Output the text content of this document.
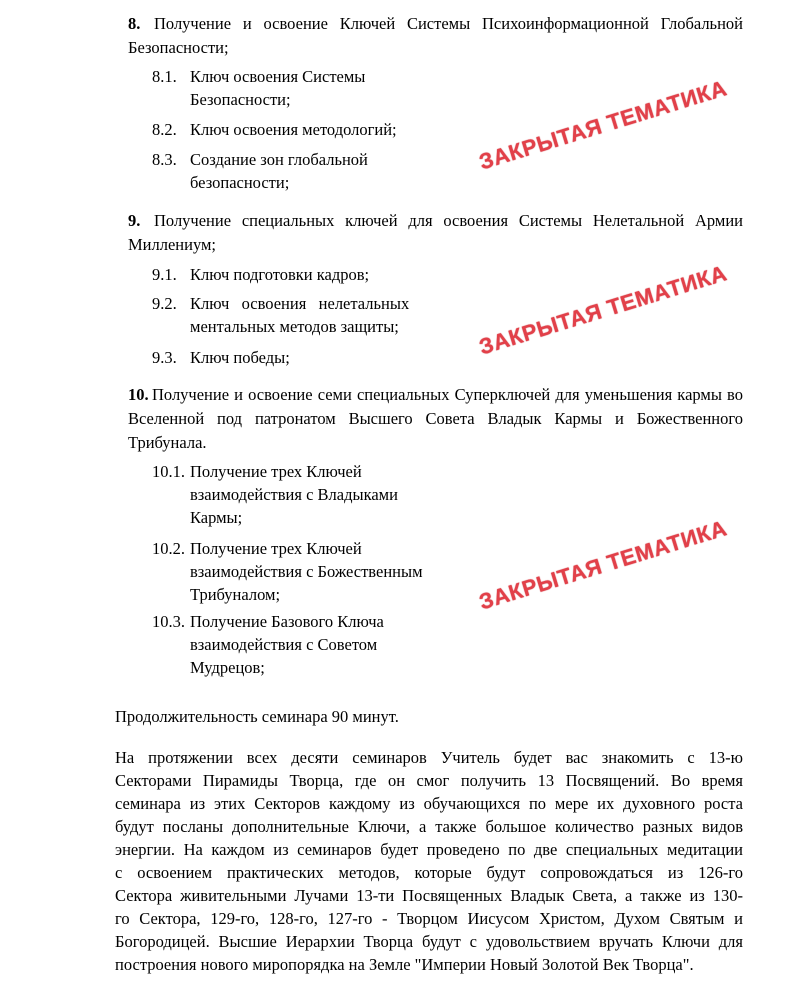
8. Получение и освоение Ключей Системы Психоинформационной Глобальной Безопасности;
8.1. Ключ освоения Системы
Безопасности;
8.2. Ключ освоения методологий;
8.3. Создание зон глобальной
безопасности;
9. Получение специальных ключей для освоения Системы Нелетальной Армии Миллениум;
9.1. Ключ подготовки кадров;
9.2. Ключ   освоения   нелетальных
ментальных методов защиты;
9.3. Ключ победы;
10. Получение и освоение семи специальных Суперключей для уменьшения кармы во Вселенной под патронатом Высшего Совета Владык Кармы и Божественного Трибунала.
10.1. Получение трех Ключей
взаимодействия с Владыками
Кармы;
10.2. Получение трех Ключей
взаимодействия с Божественным
Трибуналом;
10.3. Получение Базового Ключа
взаимодействия с Советом
Мудрецов;
Продолжительность семинара 90 минут.
На протяжении всех десяти семинаров Учитель будет вас знакомить с 13-ю
Секторами Пирамиды Творца, где он смог получить 13 Посвящений. Во время
семинара из этих Секторов каждому из обучающихся по мере их духовного роста
будут посланы дополнительные Ключи, а также большое количество разных видов
энергии. На каждом из семинаров будет проведено по две специальных медитации
с освоением практических методов, которые будут сопровождаться из 126-го
Сектора живительными Лучами 13-ти Посвященных Владык Света, а также из 130-
го Сектора, 129-го, 128-го, 127-го - Творцом Иисусом Христом, Духом Святым и
Богородицей. Высшие Иерархии Творца будут с удовольствием вручать Ключи для
построения нового миропорядка на Земле "Империи Новый Золотой Век Творца".
ЗАКРЫТАЯ ТЕМАТИКА
ЗАКРЫТАЯ ТЕМАТИКА
ЗАКРЫТАЯ ТЕМАТИКА
